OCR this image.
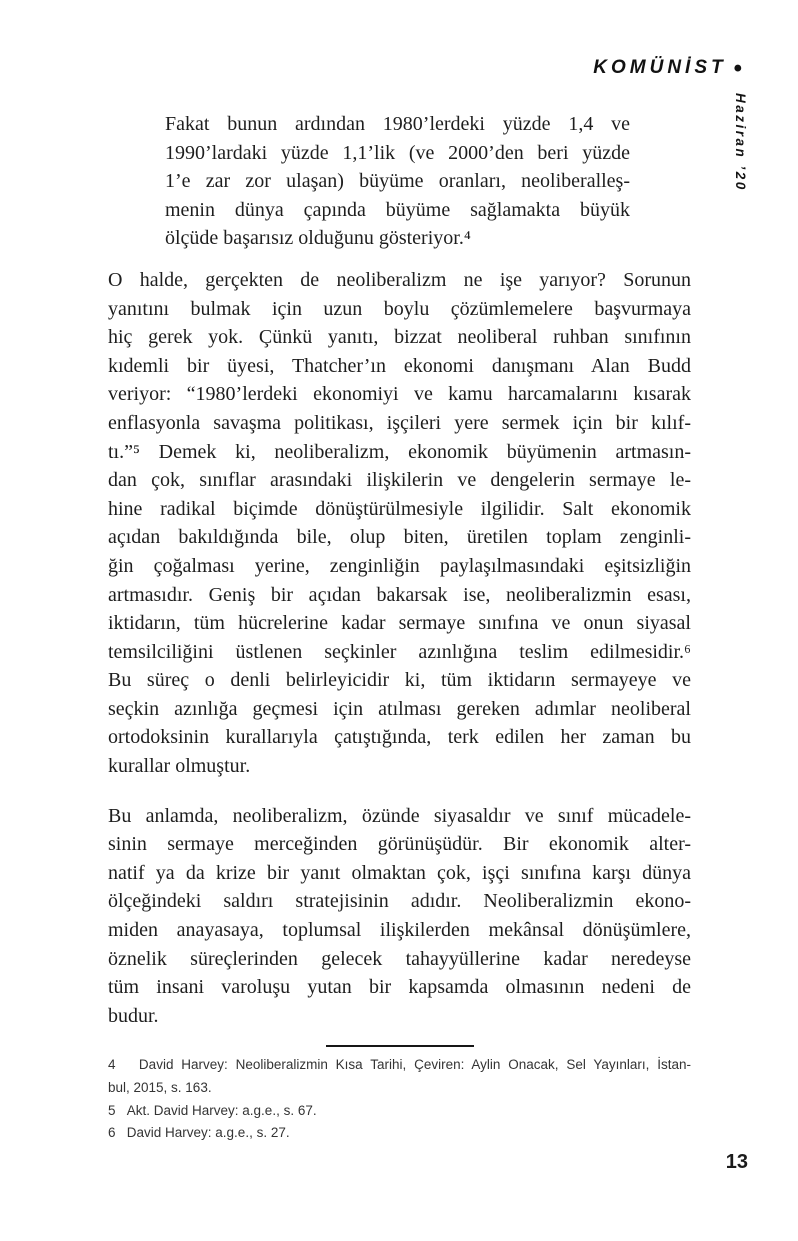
KOMÜNİST •
Haziran ’20
Fakat bunun ardından 1980’lerdeki yüzde 1,4 ve
1990’lardaki yüzde 1,1’lik (ve 2000’den beri yüzde
1’e zar zor ulaşan) büyüme oranları, neoliberalleş-
menin dünya çapında büyüme sağlamakta büyük
ölçüde başarısız olduğunu gösteriyor.⁴
O halde, gerçekten de neoliberalizm ne işe yarıyor? Sorunun
yanıtını bulmak için uzun boylu çözümlemelere başvurmaya
hiç gerek yok. Çünkü yanıtı, bizzat neoliberal ruhban sınıfının
kıdemli bir üyesi, Thatcher’ın ekonomi danışmanı Alan Budd
veriyor: “1980’lerdeki ekonomiyi ve kamu harcamalarını kısarak
enflasyonla savaşma politikası, işçileri yere sermek için bir kılıf-
tı.”⁵ Demek ki, neoliberalizm, ekonomik büyümenin artmasın-
dan çok, sınıflar arasındaki ilişkilerin ve dengelerin sermaye le-
hine radikal biçimde dönüştürülmesiyle ilgilidir. Salt ekonomik
açıdan bakıldığında bile, olup biten, üretilen toplam zenginli-
ğin çoğalması yerine, zenginliğin paylaşılmasındaki eşitsizliğin
artmasıdır. Geniş bir açıdan bakarsak ise, neoliberalizmin esası,
iktidarın, tüm hücrelerine kadar sermaye sınıfına ve onun siyasal
temsilciliğini üstlenen seçkinler azınlığına teslim edilmesidir.⁶
Bu süreç o denli belirleyicidir ki, tüm iktidarın sermayeye ve
seçkin azınlığa geçmesi için atılması gereken adımlar neoliberal
ortodoksinin kurallarıyla çatıştığında, terk edilen her zaman bu
kurallar olmuştur.
Bu anlamda, neoliberalizm, özünde siyasaldır ve sınıf mücadele-
sinin sermaye merceğinden görünüşüdür. Bir ekonomik alter-
natif ya da krize bir yanıt olmaktan çok, işçi sınıfına karşı dünya
ölçeğindeki saldırı stratejisinin adıdır. Neoliberalizmin ekono-
miden anayasaya, toplumsal ilişkilerden mekânsal dönüşümlere,
öznelik süreçlerinden gelecek tahayyüllerine kadar neredeyse
tüm insani varoluşu yutan bir kapsamda olmasının nedeni de
budur.
4   David Harvey: Neoliberalizmin Kısa Tarihi, Çeviren: Aylin Onacak, Sel Yayınları, İstan-
bul, 2015, s. 163.
5   Akt. David Harvey: a.g.e., s. 67.
6   David Harvey: a.g.e., s. 27.
13
